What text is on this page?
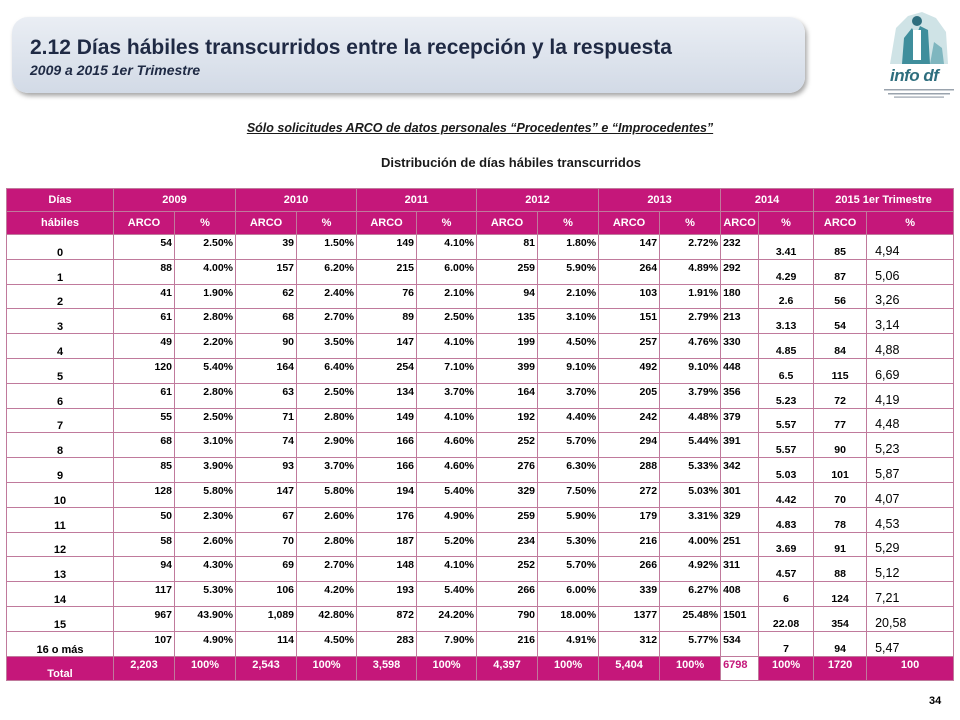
2.12 Días hábiles transcurridos entre la recepción y la respuesta
2009 a 2015 1er Trimestre	info df
Sólo solicitudes ARCO de datos personales “Procedentes” e “Improcedentes”
Distribución de días hábiles transcurridos
Días	2009		2010		2011		2012		2013		2014		2015 1er Trimestre	
hábiles	ARCO	%	ARCO	%	ARCO	%	ARCO	%	ARCO	%	ARCO	%	ARCO	%
0	54	2.50%	39	1.50%	149	4.10%	81	1.80%	147	2.72%	232	3.41	85	4,94
1	88	4.00%	157	6.20%	215	6.00%	259	5.90%	264	4.89%	292	4.29	87	5,06
2	41	1.90%	62	2.40%	76	2.10%	94	2.10%	103	1.91%	180	2.6	56	3,26
3	61	2.80%	68	2.70%	89	2.50%	135	3.10%	151	2.79%	213	3.13	54	3,14
4	49	2.20%	90	3.50%	147	4.10%	199	4.50%	257	4.76%	330	4.85	84	4,88
5	120	5.40%	164	6.40%	254	7.10%	399	9.10%	492	9.10%	448	6.5	115	6,69
6	61	2.80%	63	2.50%	134	3.70%	164	3.70%	205	3.79%	356	5.23	72	4,19
7	55	2.50%	71	2.80%	149	4.10%	192	4.40%	242	4.48%	379	5.57	77	4,48
8	68	3.10%	74	2.90%	166	4.60%	252	5.70%	294	5.44%	391	5.57	90	5,23
9	85	3.90%	93	3.70%	166	4.60%	276	6.30%	288	5.33%	342	5.03	101	5,87
10	128	5.80%	147	5.80%	194	5.40%	329	7.50%	272	5.03%	301	4.42	70	4,07
11	50	2.30%	67	2.60%	176	4.90%	259	5.90%	179	3.31%	329	4.83	78	4,53
12	58	2.60%	70	2.80%	187	5.20%	234	5.30%	216	4.00%	251	3.69	91	5,29
13	94	4.30%	69	2.70%	148	4.10%	252	5.70%	266	4.92%	311	4.57	88	5,12
14	117	5.30%	106	4.20%	193	5.40%	266	6.00%	339	6.27%	408	6	124	7,21
15	967	43.90%	1,089	42.80%	872	24.20%	790	18.00%	1377	25.48%	1501	22.08	354	20,58
16 o más	107	4.90%	114	4.50%	283	7.90%	216	4.91%	312	5.77%	534	7	94	5,47
Total	2,203	100%	2,543	100%	3,598	100%	4,397	100%	5,404	100%	6798	100%	1720	100
34
